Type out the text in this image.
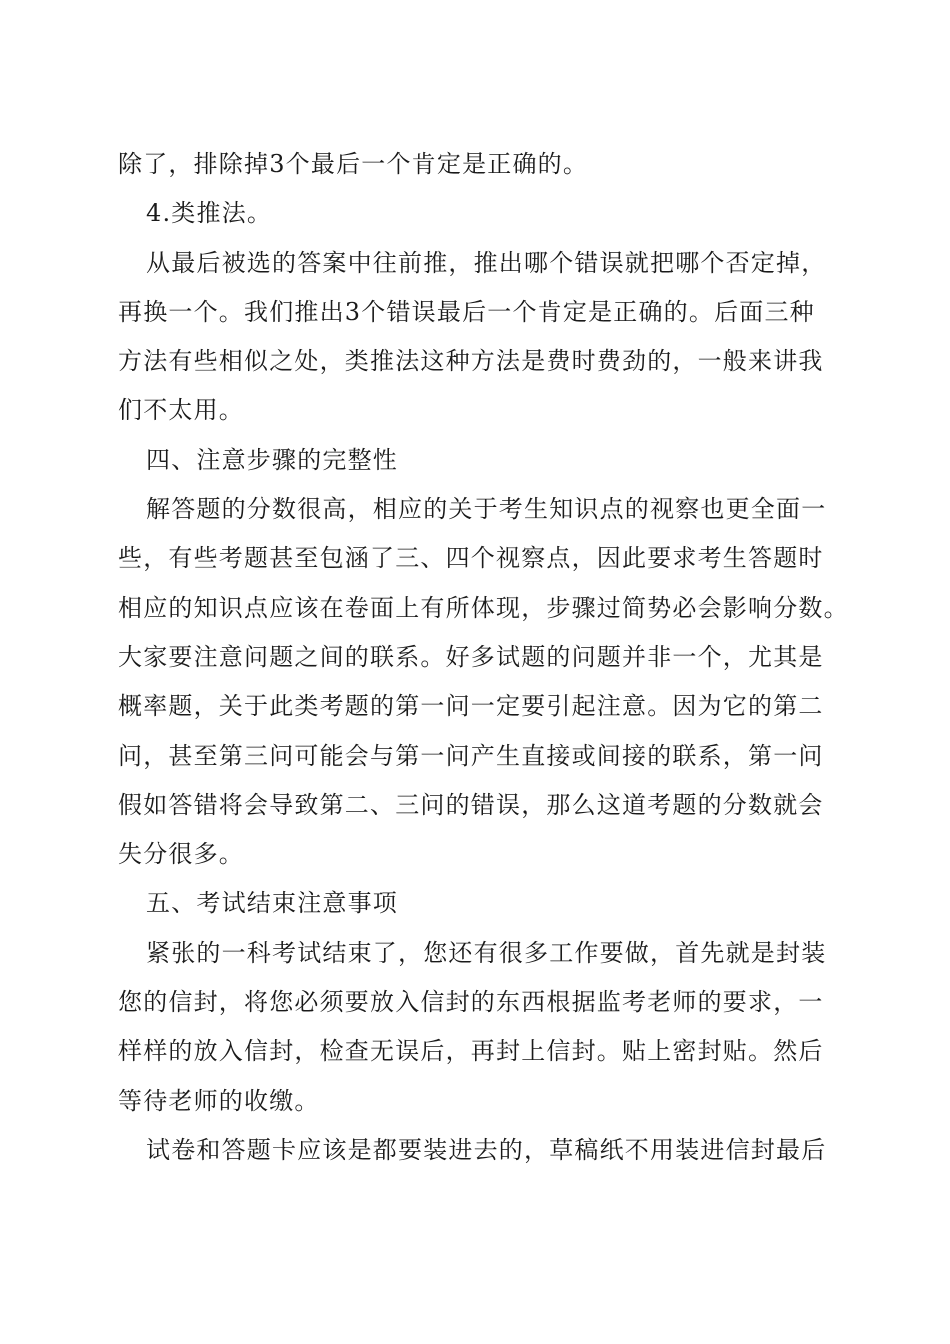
除了，排除掉3个最后一个肯定是正确的。
4.类推法。
从最后被选的答案中往前推，推出哪个错误就把哪个否定掉，
再换一个。我们推出3个错误最后一个肯定是正确的。后面三种
方法有些相似之处，类推法这种方法是费时费劲的，一般来讲我
们不太用。
四、注意步骤的完整性
解答题的分数很高，相应的关于考生知识点的视察也更全面一
些，有些考题甚至包涵了三、四个视察点，因此要求考生答题时
相应的知识点应该在卷面上有所体现，步骤过简势必会影响分数。
大家要注意问题之间的联系。好多试题的问题并非一个，尤其是
概率题，关于此类考题的第一问一定要引起注意。因为它的第二
问，甚至第三问可能会与第一问产生直接或间接的联系，第一问
假如答错将会导致第二、三问的错误，那么这道考题的分数就会
失分很多。
五、考试结束注意事项
紧张的一科考试结束了，您还有很多工作要做，首先就是封装
您的信封，将您必须要放入信封的东西根据监考老师的要求，一
样样的放入信封，检查无误后，再封上信封。贴上密封贴。然后
等待老师的收缴。
试卷和答题卡应该是都要装进去的，草稿纸不用装进信封最后
